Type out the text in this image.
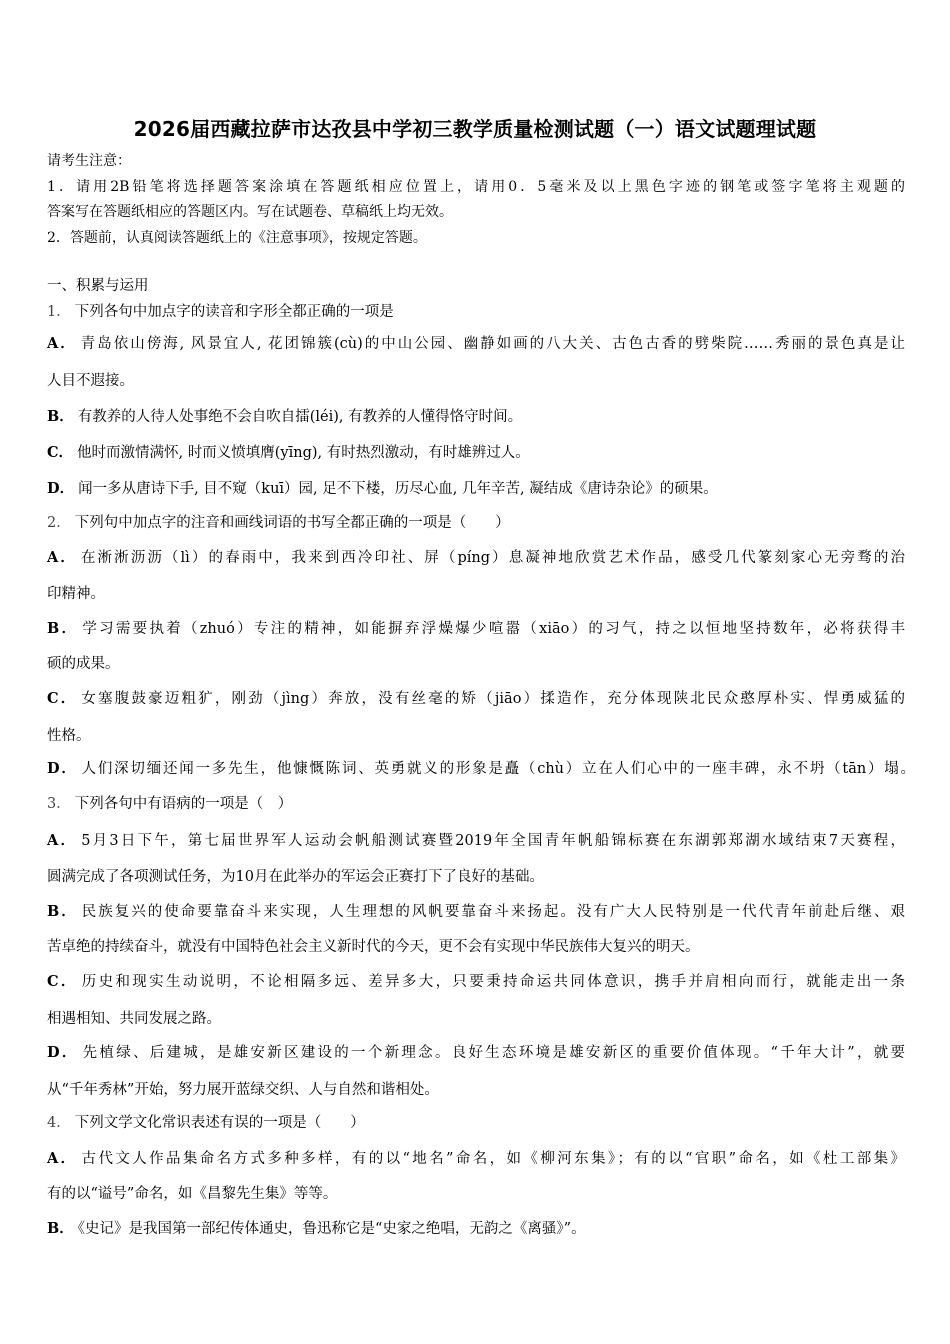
2026届西藏拉萨市达孜县中学初三教学质量检测试题（一）语文试题理试题
请考生注意：
1．请用2B铅笔将选择题答案涂填在答题纸相应位置上，请用0．5毫米及以上黑色字迹的钢笔或签字笔将主观题的
答案写在答题纸相应的答题区内。写在试题卷、草稿纸上均无效。
2．答题前，认真阅读答题纸上的《注意事项》，按规定答题。
一、积累与运用
1． 下列各句中加点字的读音和字形全都正确的一项是
A． 青岛依山傍海, 风景宜人, 花团锦簇(cù)的中山公园、幽静如画的八大关、古色古香的劈柴院……秀丽的景色真是让
人目不遐接。
B． 有教养的人待人处事绝不会自吹自擂(léi), 有教养的人懂得恪守时间。
C． 他时而激情满怀, 时而义愤填膺(yīng), 有时热烈激动，有时雄辨过人。
D． 闻一多从唐诗下手, 目不窥（kuī）园, 足不下楼，历尽心血, 几年辛苦, 凝结成《唐诗杂论》的硕果。
2． 下列句中加点字的注音和画线词语的书写全都正确的一项是（　　）
A． 在淅淅沥沥（lì）的春雨中，我来到西冷印社、屏（píng）息凝神地欣赏艺术作品，感受几代篆刻家心无旁骛的治
印精神。
B． 学习需要执着（zhuó）专注的精神，如能摒弃浮燥爆少喧嚣（xiāo）的习气，持之以恒地坚持数年，必将获得丰
硕的成果。
C． 女塞腹鼓豪迈粗犷，刚劲（jìng）奔放，没有丝毫的矫（jiāo）揉造作，充分体现陕北民众憨厚朴实、悍勇威猛的
性格。
D． 人们深切缅还闻一多先生，他慷慨陈词、英勇就义的形象是矗（chù）立在人们心中的一座丰碑，永不坍（tān）塌。
3． 下列各句中有语病的一项是（　）
A． 5月3日下午，第七届世界军人运动会帆船测试赛暨2019年全国青年帆船锦标赛在东湖郭郑湖水域结束7天赛程，
圆满完成了各项测试任务，为10月在此举办的军运会正赛打下了良好的基础。
B． 民族复兴的使命要靠奋斗来实现，人生理想的风帆要靠奋斗来扬起。没有广大人民特别是一代代青年前赴后继、艰
苦卓绝的持续奋斗，就没有中国特色社会主义新时代的今天，更不会有实现中华民族伟大复兴的明天。
C． 历史和现实生动说明，不论相隔多远、差异多大，只要秉持命运共同体意识，携手并肩相向而行，就能走出一条
相遇相知、共同发展之路。
D． 先植绿、后建城，是雄安新区建设的一个新理念。良好生态环境是雄安新区的重要价值体现。“千年大计”，就要
从“千年秀林”开始，努力展开蓝绿交织、人与自然和谐相处。
4． 下列文学文化常识表述有误的一项是（　　）
A． 古代文人作品集命名方式多种多样，有的以“地名”命名，如《柳河东集》；有的以“官职”命名，如《杜工部集》
有的以“谥号”命名，如《昌黎先生集》等等。
B． 《史记》是我国第一部纪传体通史，鲁迅称它是“史家之绝唱，无韵之《离骚》”。
